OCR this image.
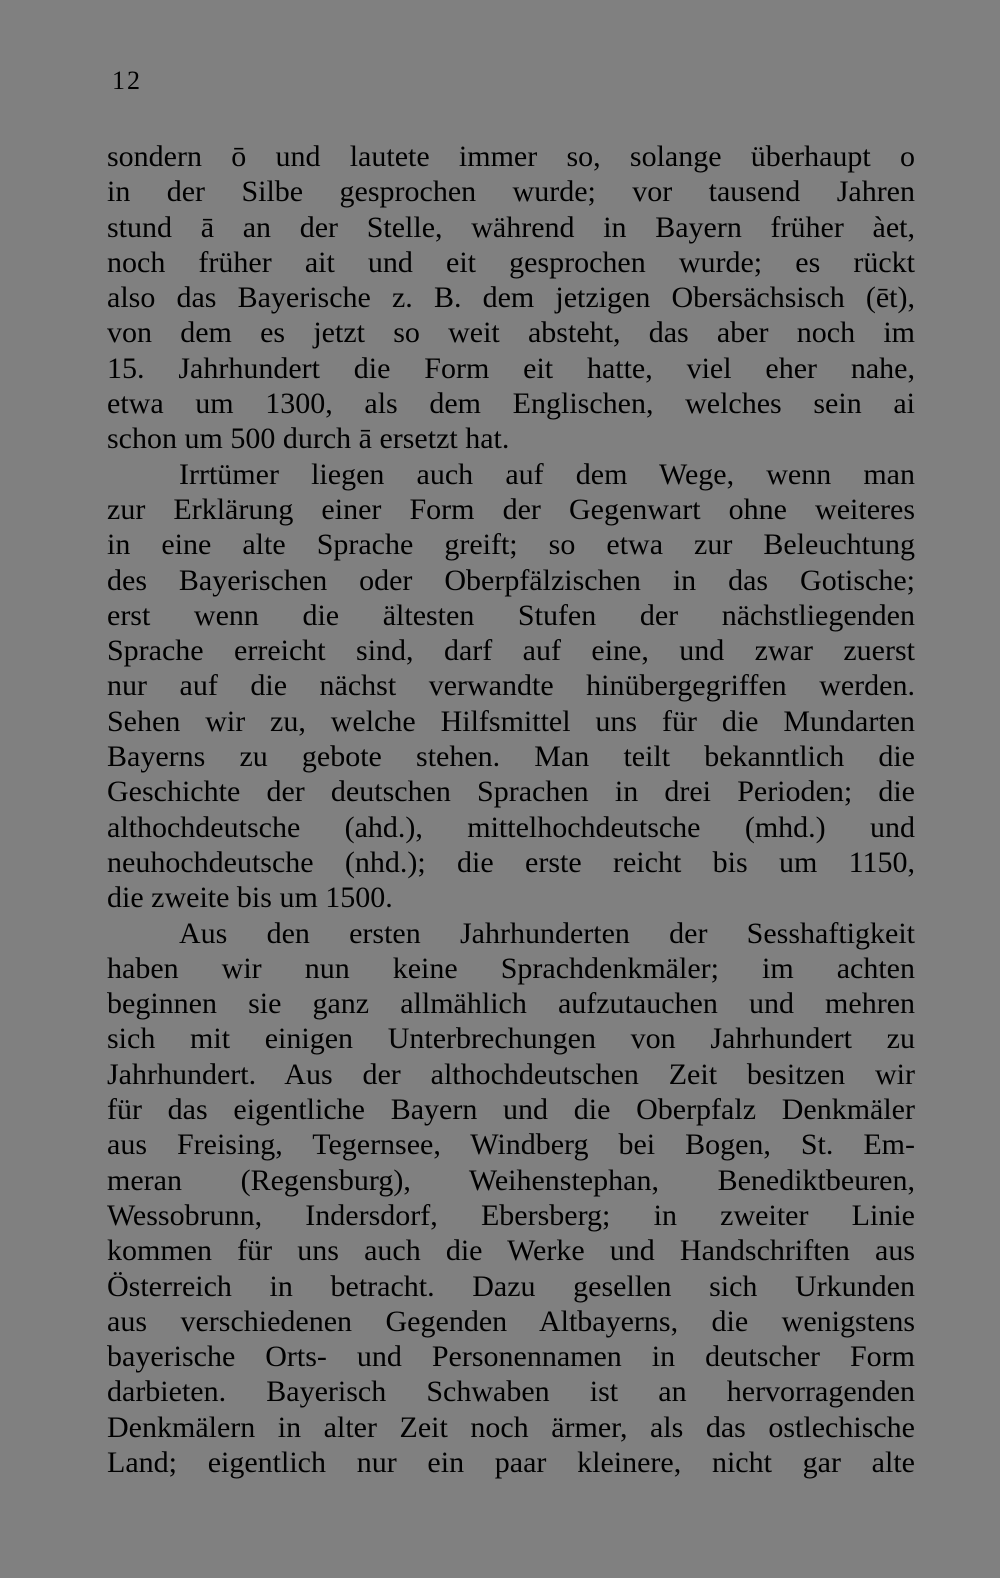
12
sondern ō und lautete immer so, solange überhaupt o
in der Silbe gesprochen wurde; vor tausend Jahren
stund ā an der Stelle, während in Bayern früher àet,
noch früher ait und eit gesprochen wurde; es rückt
also das Bayerische z. B. dem jetzigen Obersächsisch (ēt),
von dem es jetzt so weit absteht, das aber noch im
15. Jahrhundert die Form eit hatte, viel eher nahe,
etwa um 1300, als dem Englischen, welches sein ai
schon um 500 durch ā ersetzt hat.
Irrtümer liegen auch auf dem Wege, wenn man
zur Erklärung einer Form der Gegenwart ohne weiteres
in eine alte Sprache greift; so etwa zur Beleuchtung
des Bayerischen oder Oberpfälzischen in das Gotische;
erst wenn die ältesten Stufen der nächstliegenden
Sprache erreicht sind, darf auf eine, und zwar zuerst
nur auf die nächst verwandte hinübergegriffen werden.
Sehen wir zu, welche Hilfsmittel uns für die Mundarten
Bayerns zu gebote stehen. Man teilt bekanntlich die
Geschichte der deutschen Sprachen in drei Perioden; die
althochdeutsche (ahd.), mittelhochdeutsche (mhd.) und
neuhochdeutsche (nhd.); die erste reicht bis um 1150,
die zweite bis um 1500.
Aus den ersten Jahrhunderten der Sesshaftigkeit
haben wir nun keine Sprachdenkmäler; im achten
beginnen sie ganz allmählich aufzutauchen und mehren
sich mit einigen Unterbrechungen von Jahrhundert zu
Jahrhundert. Aus der althochdeutschen Zeit besitzen wir
für das eigentliche Bayern und die Oberpfalz Denkmäler
aus Freising, Tegernsee, Windberg bei Bogen, St. Em-
meran (Regensburg), Weihenstephan, Benediktbeuren,
Wessobrunn, Indersdorf, Ebersberg; in zweiter Linie
kommen für uns auch die Werke und Handschriften aus
Österreich in betracht. Dazu gesellen sich Urkunden
aus verschiedenen Gegenden Altbayerns, die wenigstens
bayerische Orts- und Personennamen in deutscher Form
darbieten. Bayerisch Schwaben ist an hervorragenden
Denkmälern in alter Zeit noch ärmer, als das ostlechische
Land; eigentlich nur ein paar kleinere, nicht gar alte
